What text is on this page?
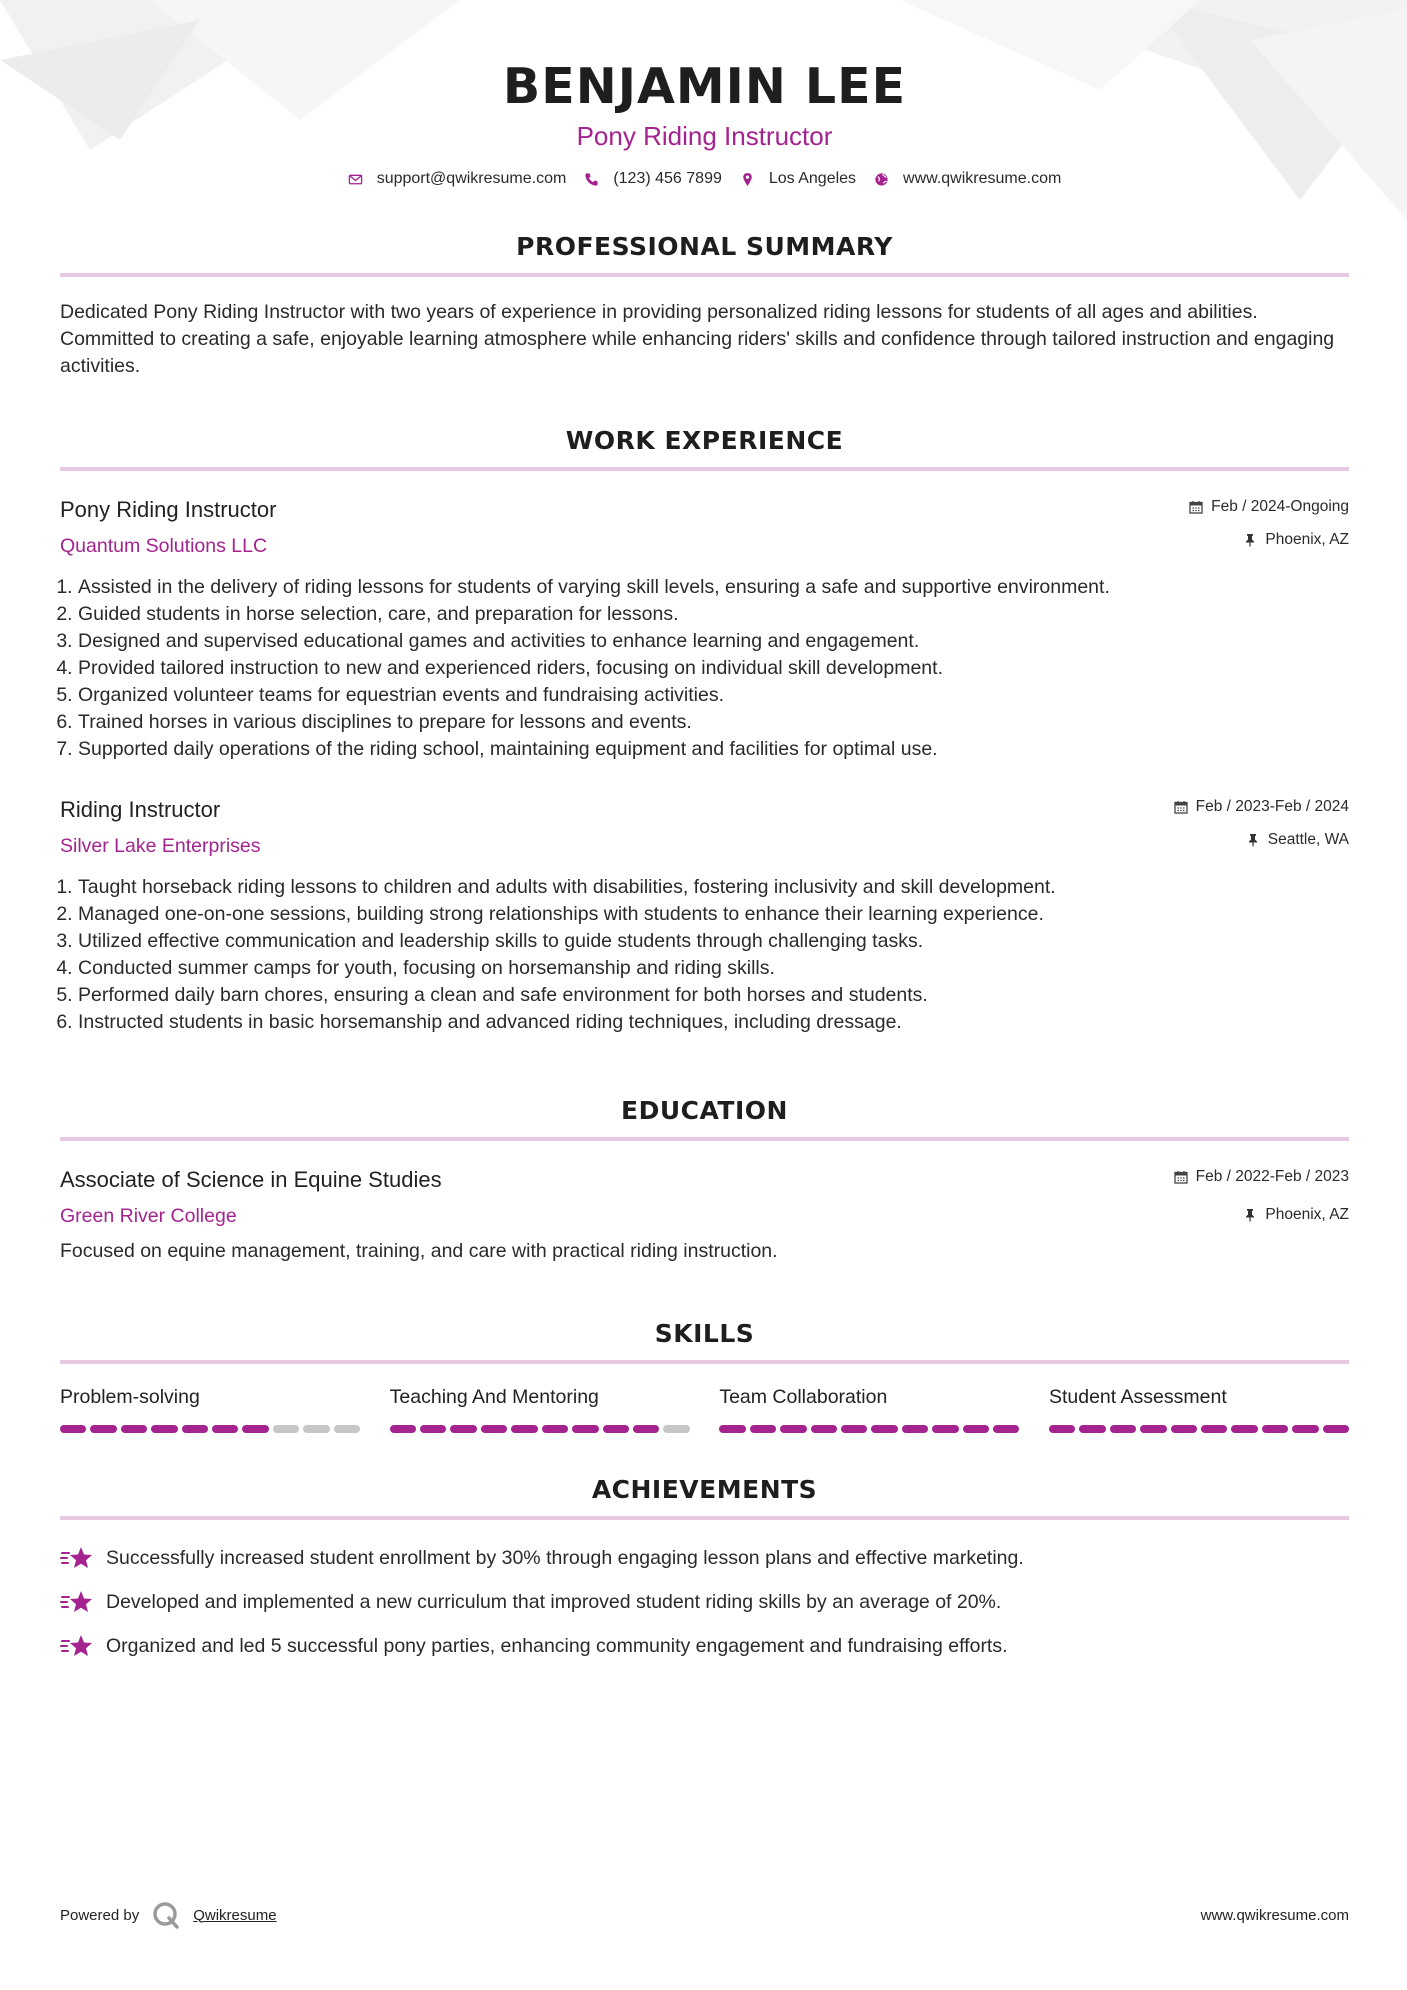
BENJAMIN LEE
Pony Riding Instructor
support@qwikresume.com	(123) 456 7899	Los Angeles	www.qwikresume.com
PROFESSIONAL SUMMARY

Dedicated Pony Riding Instructor with two years of experience in providing personalized riding lessons for students of all ages and abilities. Committed to creating a safe, enjoyable learning atmosphere while enhancing riders' skills and confidence through tailored instruction and engaging activities.

WORK EXPERIENCE
Pony Riding Instructor
Quantum Solutions LLC
Feb / 2024-Ongoing
Phoenix, AZ
1. Assisted in the delivery of riding lessons for students of varying skill levels, ensuring a safe and supportive environment.
2. Guided students in horse selection, care, and preparation for lessons.
3. Designed and supervised educational games and activities to enhance learning and engagement.
4. Provided tailored instruction to new and experienced riders, focusing on individual skill development.
5. Organized volunteer teams for equestrian events and fundraising activities.
6. Trained horses in various disciplines to prepare for lessons and events.
7. Supported daily operations of the riding school, maintaining equipment and facilities for optimal use.
Riding Instructor
Silver Lake Enterprises
Feb / 2023-Feb / 2024
Seattle, WA
1. Taught horseback riding lessons to children and adults with disabilities, fostering inclusivity and skill development.
2. Managed one-on-one sessions, building strong relationships with students to enhance their learning experience.
3. Utilized effective communication and leadership skills to guide students through challenging tasks.
4. Conducted summer camps for youth, focusing on horsemanship and riding skills.
5. Performed daily barn chores, ensuring a clean and safe environment for both horses and students.
6. Instructed students in basic horsemanship and advanced riding techniques, including dressage.
EDUCATION
Associate of Science in Equine Studies
Green River College
Feb / 2022-Feb / 2023
Phoenix, AZ
Focused on equine management, training, and care with practical riding instruction.
SKILLS
Problem-solving	Teaching And Mentoring	Team Collaboration	Student Assessment
ACHIEVEMENTS
Successfully increased student enrollment by 30% through engaging lesson plans and effective marketing.
Developed and implemented a new curriculum that improved student riding skills by an average of 20%.
Organized and led 5 successful pony parties, enhancing community engagement and fundraising efforts.
Powered by	Qwikresume	www.qwikresume.com
